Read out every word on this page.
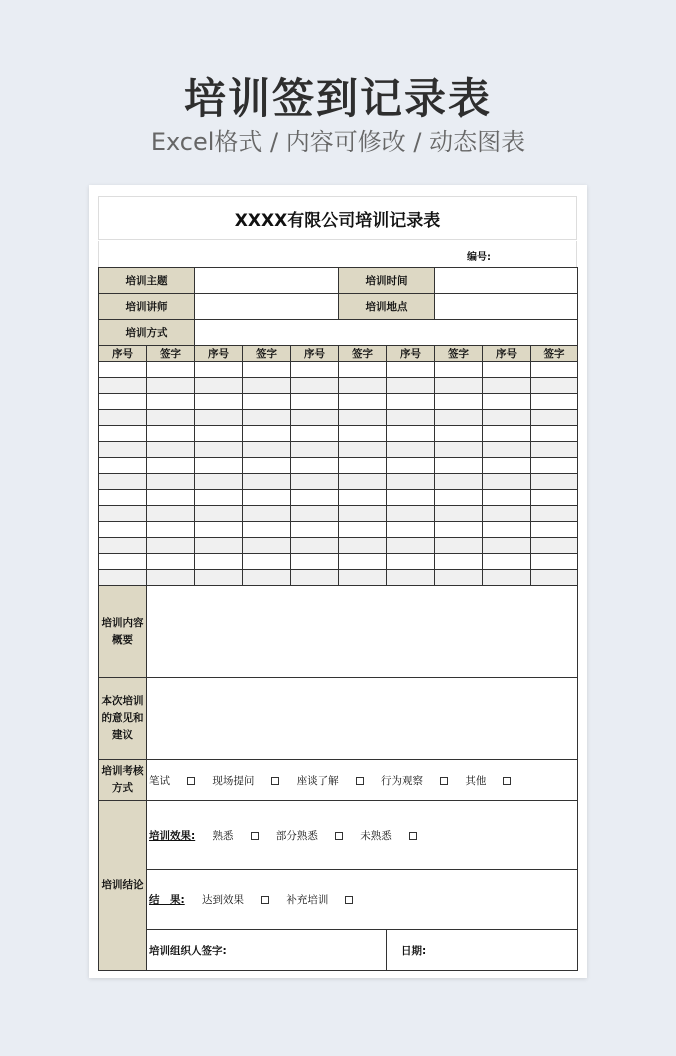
培训签到记录表
Excel格式 / 内容可修改 / 动态图表
XXXX有限公司培训记录表
编号:
培训主题					培训时间				
培训讲师					培训地点				
培训方式									
序号	签字	序号	签字	序号	签字	序号	签字	序号	签字

培训内容概要									
本次培训的意见和建议									
培训考核方式	笔试 现场提问 座谈了解 行为观察 其他								
培训结论	培训效果: 熟悉 部分熟悉 未熟悉								
	结　果: 达到效果 补充培训								
	培训组织人签字:					日期:			
